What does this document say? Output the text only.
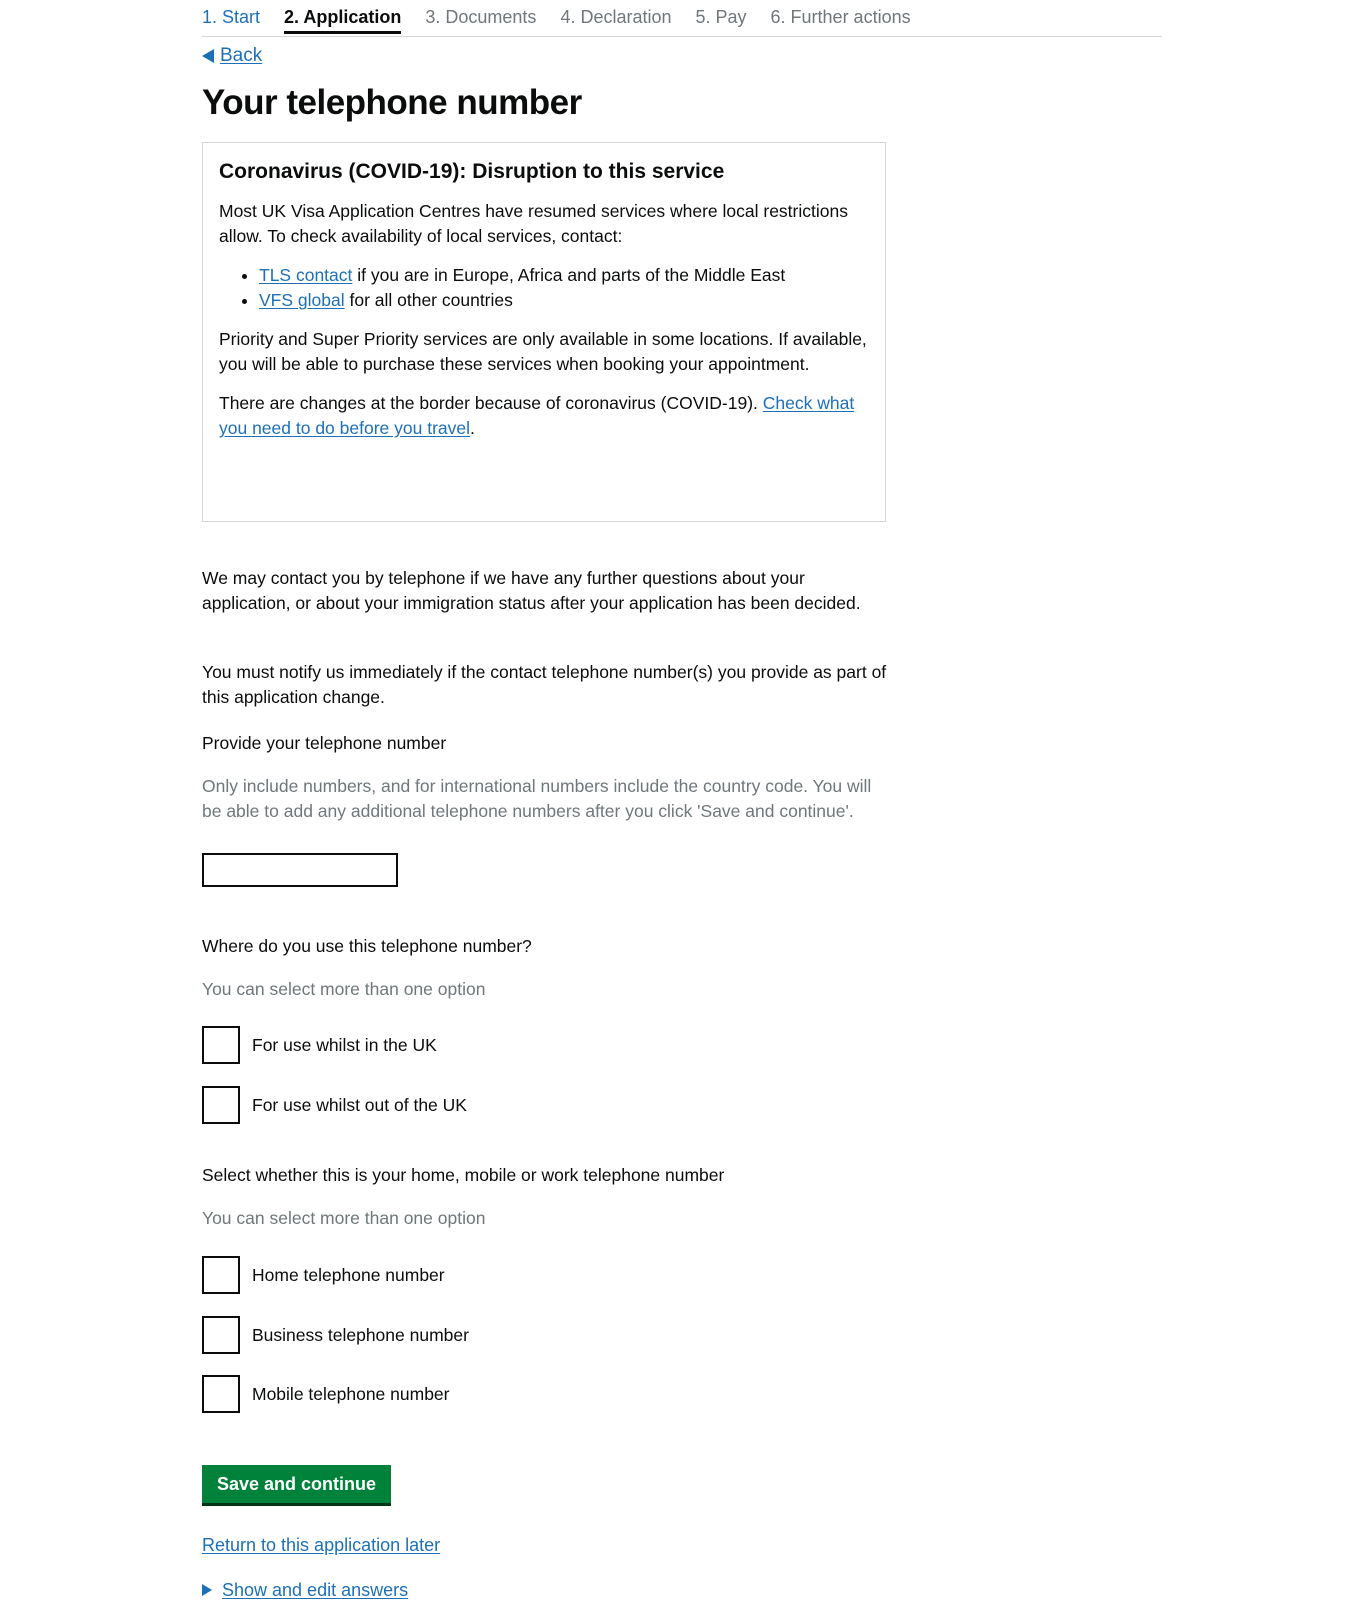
1. Start 2. Application 3. Documents 4. Declaration 5. Pay 6. Further actions
Back
Your telephone number
Coronavirus (COVID-19): Disruption to this service

Most UK Visa Application Centres have resumed services where local restrictions allow. To check availability of local services, contact:

• TLS contact if you are in Europe, Africa and parts of the Middle East
• VFS global for all other countries

Priority and Super Priority services are only available in some locations. If available, you will be able to purchase these services when booking your appointment.

There are changes at the border because of coronavirus (COVID-19). Check what you need to do before you travel.

We may contact you by telephone if we have any further questions about your application, or about your immigration status after your application has been decided.

You must notify us immediately if the contact telephone number(s) you provide as part of this application change.

Provide your telephone number

Only include numbers, and for international numbers include the country code. You will be able to add any additional telephone numbers after you click 'Save and continue'.

Where do you use this telephone number?

You can select more than one option

For use whilst in the UK
For use whilst out of the UK

Select whether this is your home, mobile or work telephone number

You can select more than one option

Home telephone number
Business telephone number
Mobile telephone number
Save and continue
Return to this application later
Show and edit answers
